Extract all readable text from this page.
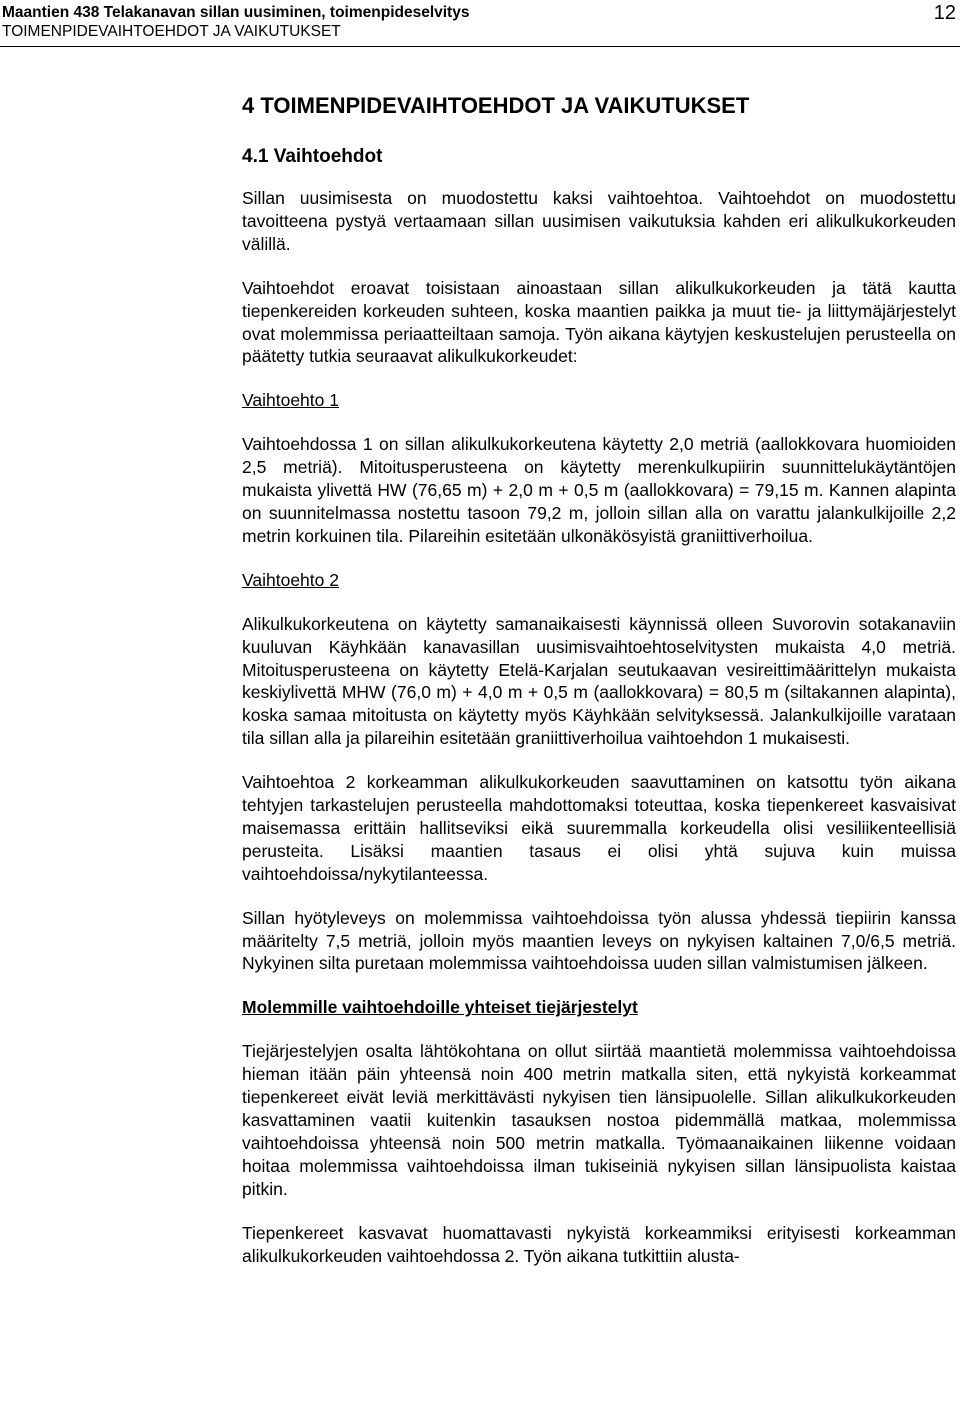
Maantien 438 Telakanavan sillan uusiminen, toimenpideselvitys
TOIMENPIDEVAIHTOEHDOT JA VAIKUTUKSET
12
4 TOIMENPIDEVAIHTOEHDOT JA VAIKUTUKSET
4.1 Vaihtoehdot

Sillan uusimisesta on muodostettu kaksi vaihtoehtoa. Vaihtoehdot on muodostettu tavoitteena pystyä vertaamaan sillan uusimisen vaikutuksia kahden eri alikulkukorkeuden välillä.

Vaihtoehdot eroavat toisistaan ainoastaan sillan alikulkukorkeuden ja tätä kautta tiepenkereiden korkeuden suhteen, koska maantien paikka ja muut tie- ja liittymäjärjestelyt ovat molemmissa periaatteiltaan samoja. Työn aikana käytyjen keskustelujen perusteella on päätetty tutkia seuraavat alikulkukorkeudet:

Vaihtoehto 1

Vaihtoehdossa 1 on sillan alikulkukorkeutena käytetty 2,0 metriä (aallokkovara huomioiden 2,5 metriä). Mitoitusperusteena on käytetty merenkulkupiirin suunnittelukäytäntöjen mukaista ylivettä HW (76,65 m) + 2,0 m + 0,5 m (aallokkovara) = 79,15 m. Kannen alapinta on suunnitelmassa nostettu tasoon 79,2 m, jolloin sillan alla on varattu jalankulkijoille 2,2 metrin korkuinen tila. Pilareihin esitetään ulkonäkösyistä graniittiverhoilua.

Vaihtoehto 2

Alikulkukorkeutena on käytetty samanaikaisesti käynnissä olleen Suvorovin sotakanaviin kuuluvan Käyhkään kanavasillan uusimisvaihtoehtoselvitysten mukaista 4,0 metriä. Mitoitusperusteena on käytetty Etelä-Karjalan seutukaavan vesireittimäärittelyn mukaista keskiylivettä MHW (76,0 m) + 4,0 m + 0,5 m (aallokkovara) = 80,5 m (siltakannen alapinta), koska samaa mitoitusta on käytetty myös Käyhkään selvityksessä. Jalankulkijoille varataan tila sillan alla ja pilareihin esitetään graniittiverhoilua vaihtoehdon 1 mukaisesti.

Vaihtoehtoa 2 korkeamman alikulkukorkeuden saavuttaminen on katsottu työn aikana tehtyjen tarkastelujen perusteella mahdottomaksi toteuttaa, koska tiepenkereet kasvaisivat maisemassa erittäin hallitseviksi eikä suuremmalla korkeudella olisi vesiliikenteellisiä perusteita. Lisäksi maantien tasaus ei olisi yhtä sujuva kuin muissa vaihtoehdoissa/nykytilanteessa.

Sillan hyötyleveys on molemmissa vaihtoehdoissa työn alussa yhdessä tiepiirin kanssa määritelty 7,5 metriä, jolloin myös maantien leveys on nykyisen kaltainen 7,0/6,5 metriä. Nykyinen silta puretaan molemmissa vaihtoehdoissa uuden sillan valmistumisen jälkeen.

Molemmille vaihtoehdoille yhteiset tiejärjestelyt

Tiejärjestelyjen osalta lähtökohtana on ollut siirtää maantietä molemmissa vaihtoehdoissa hieman itään päin yhteensä noin 400 metrin matkalla siten, että nykyistä korkeammat tiepenkereet eivät leviä merkittävästi nykyisen tien länsipuolelle. Sillan alikulkukorkeuden kasvattaminen vaatii kuitenkin tasauksen nostoa pidemmällä matkaa, molemmissa vaihtoehdoissa yhteensä noin 500 metrin matkalla. Työmaanaikainen liikenne voidaan hoitaa molemmissa vaihtoehdoissa ilman tukiseiniä nykyisen sillan länsipuolista kaistaa pitkin.

Tiepenkereet kasvavat huomattavasti nykyistä korkeammiksi erityisesti korkeamman alikulkukorkeuden vaihtoehdossa 2. Työn aikana tutkittiin alusta-
